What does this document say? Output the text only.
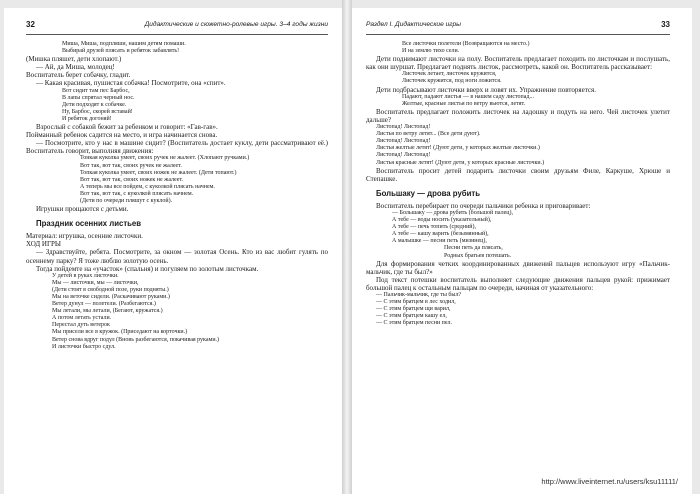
32	Дидактические и сюжетно-ролевые игры. 3–4 годы жизни
Миша, Миша, подпляши, нашим детям помаши.
Выбирай друзей плясать и ребяток забавлять!

(Мишка пляшет, дети хлопают.)

— Ай, да Миша, молодец!

Воспитатель берет собачку, гладит.

— Какая красивая, пушистая собачка! Посмотрите, она «спит».

Вот сидит там пес Барбос,
В лапы спрятал черный нос.
Дети подходят к собачке.
Ну, Барбос, скорей вставай!
И ребяток догоняй!

Взрослый с собакой бежит за ребенком и говорит: «Гав-гав».

Пойманный ребенок садится на место, и игра начинается снова.

— Посмотрите, кто у нас в машине сидит? (Воспитатель достает куклу, дети рассматривают её.) Воспитатель говорит, выполняя движения:

Тонкая куколка умеет, своих ручек не жалеет. (Хлопают ручками.)
Вот так, вот так, своих ручек не жалеет.
Топкая куколка умеет, своих ножек не жалеет. (Дети топают.)
Вот так, вот так, своих ножек не жалеет.
А теперь мы все пойдем, с куколкой плясать начнем.
Вот так, вот так, с куколкой плясать начнем.
(Дети по очереди пляшут с куклой).

Игрушки прощаются с детьми.

Праздник осенних листьев

Материал: игрушка, осенние листочки.

ХОД ИГРЫ

— Здравствуйте, ребята. Посмотрите, за окном — золотая Осень. Кто из вас любит гулять по осеннему парку? Я тоже люблю золотую осень.

Тогда пойдемте на «участок» (спальня) и погуляем по золотым листочкам.

У детей в руках листочки.
Мы — листочки, мы — листочки,
(Дети стоят в свободной позе, руки подняты.)
Мы на веточке сидели. (Раскачивают руками.)
Ветер дунул — полетели. (Разбегаются.)
Мы летали, мы летали, (Бегают, кружатся.)
А потом летать устали.
Перестал дуть ветерок
Мы присели все в кружок. (Приседают на корточки.)
Ветер снова вдруг подул (Вновь разбегаются, покачивая руками.)
И листочки быстро сдул.
Раздел I. Дидактические игры	33
Все листочки полетели (Возвращаются на место.)
И на землю тихо сели.

Дети поднимают листочки на полу. Воспитатель предлагает походить по листочкам и послушать, как они шуршат. Предлагает поднять листок, рассмотреть, какой он. Воспитатель рассказывает:

Листочек летает, листочек кружится,
Листочек кружится, под ноги ложится.

Дети подбрасывают листочки вверх и ловят их. Упражнение повторяется.

Падают, падают листья — в нашем саду листопад...
Желтые, красные листья по ветру вьются, летят.

Воспитатель предлагает положить листочек на ладошку и подуть на него. Чей листочек улетит дальше?

Листопад! Листопад!
Листья по ветру летят... (Все дети дуют).
Листопад! Листопад!
Листья желтые летят! (Дуют дети, у которых желтые листочки.)
Листопад! Листопад!
Листья красные летят! (Дуют дети, у которых красные листочки.)

Воспитатель просит детей подарить листочки своим друзьям Филе, Каркуше, Хрюше и Степашке.

Большаку — дрова рубить

Воспитатель перебирает по очереди пальчики ребенка и приговаривает:

— Большаку — дрова рубить (большой палец),
А тебе — воды носить (указательный),
А тебе — печь топить (средний),
А тебе — кашу варить (безымянный),
А малышке — песни петь (мизинец),
Песни петь да плясать,
Родных братьев потешать.

Для формирования четких координированных движений пальцев используют игру «Пальчик-мальчик, где ты был?»

Под текст потешки воспитатель выполняет следующие движения пальцев рукой: прижимает большой палец к остальным пальцам по очереди, начиная от указательного:

— Пальчик-мальчик, где ты был?
— С этим братцем в лес ходил,
— С этим братцем щи варил,
— С этим братцем кашу ел,
— С этим братцем песни пел.
http://www.liveinternet.ru/users/ksu11111/
